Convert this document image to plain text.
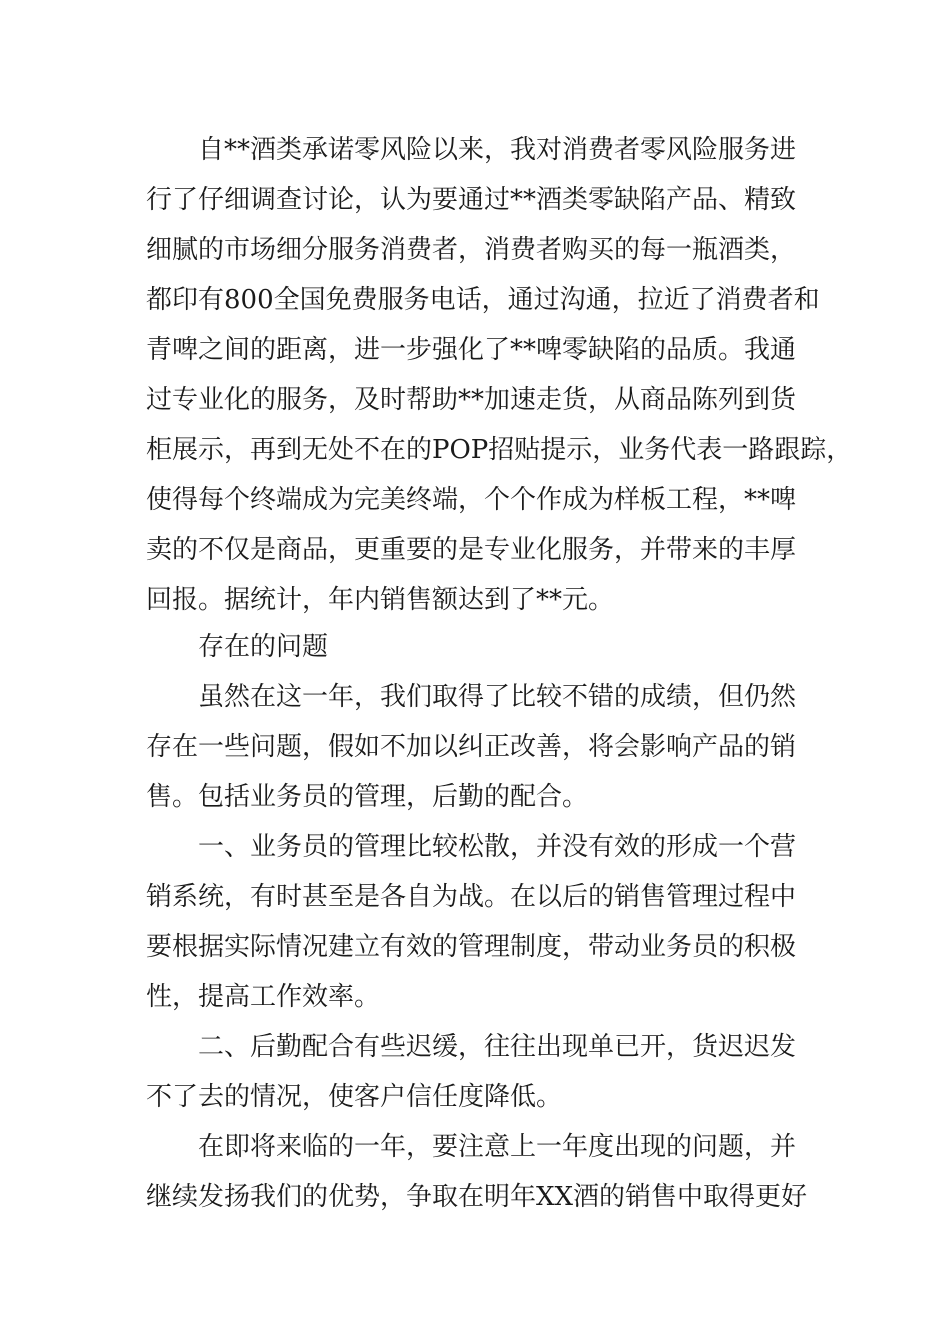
自**酒类承诺零风险以来，我对消费者零风险服务进
行了仔细调查讨论，认为要通过**酒类零缺陷产品、精致
细腻的市场细分服务消费者，消费者购买的每一瓶酒类，
都印有800全国免费服务电话，通过沟通，拉近了消费者和
青啤之间的距离，进一步强化了**啤零缺陷的品质。我通
过专业化的服务，及时帮助**加速走货，从商品陈列到货
柜展示，再到无处不在的POP招贴提示，业务代表一路跟踪，
使得每个终端成为完美终端，个个作成为样板工程，**啤
卖的不仅是商品，更重要的是专业化服务，并带来的丰厚
回报。据统计，年内销售额达到了**元。
存在的问题
虽然在这一年，我们取得了比较不错的成绩，但仍然
存在一些问题，假如不加以纠正改善，将会影响产品的销
售。包括业务员的管理，后勤的配合。
一、业务员的管理比较松散，并没有效的形成一个营
销系统，有时甚至是各自为战。在以后的销售管理过程中
要根据实际情况建立有效的管理制度，带动业务员的积极
性，提高工作效率。
二、后勤配合有些迟缓，往往出现单已开，货迟迟发
不了去的情况，使客户信任度降低。
在即将来临的一年，要注意上一年度出现的问题，并
继续发扬我们的优势，争取在明年XX酒的销售中取得更好
